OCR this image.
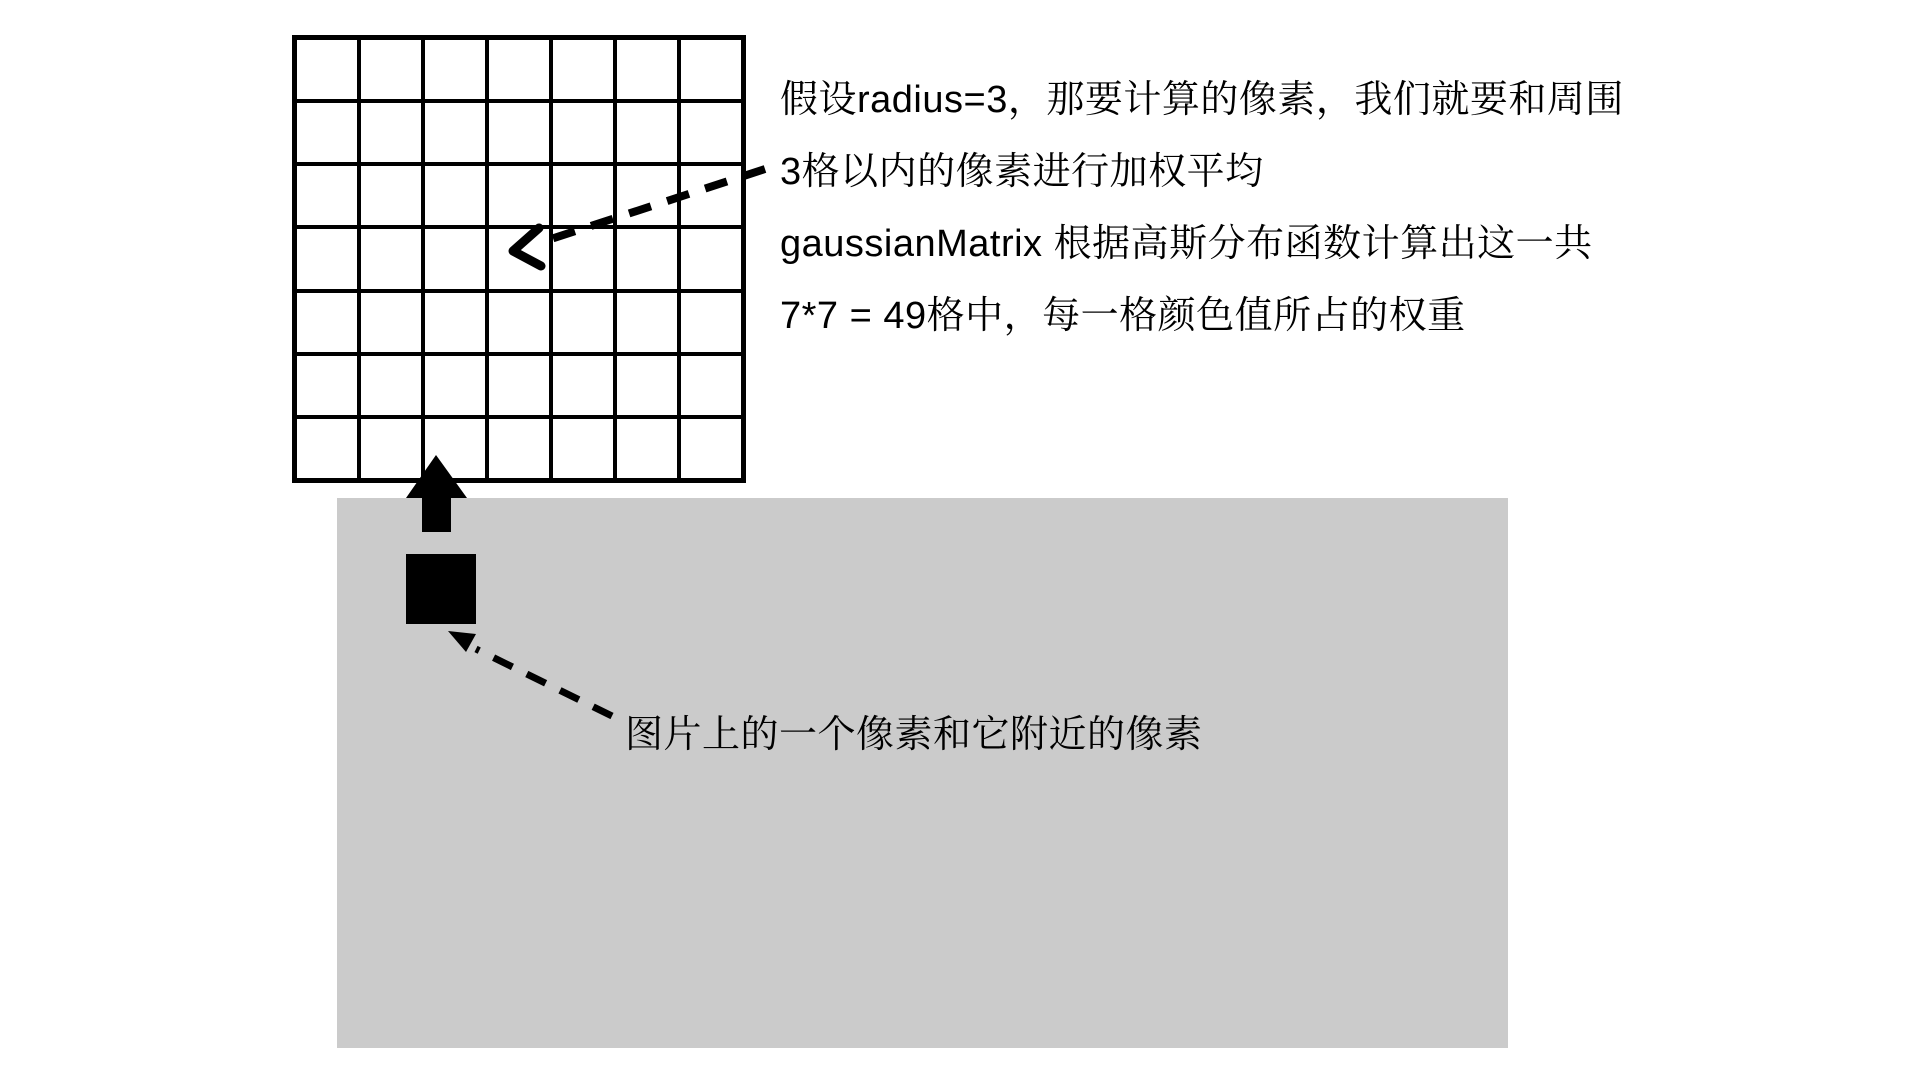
假设radius=3，那要计算的像素，我们就要和周围
3格以内的像素进行加权平均
gaussianMatrix 根据高斯分布函数计算出这一共
7*7 = 49格中，每一格颜色值所占的权重
图片上的一个像素和它附近的像素
